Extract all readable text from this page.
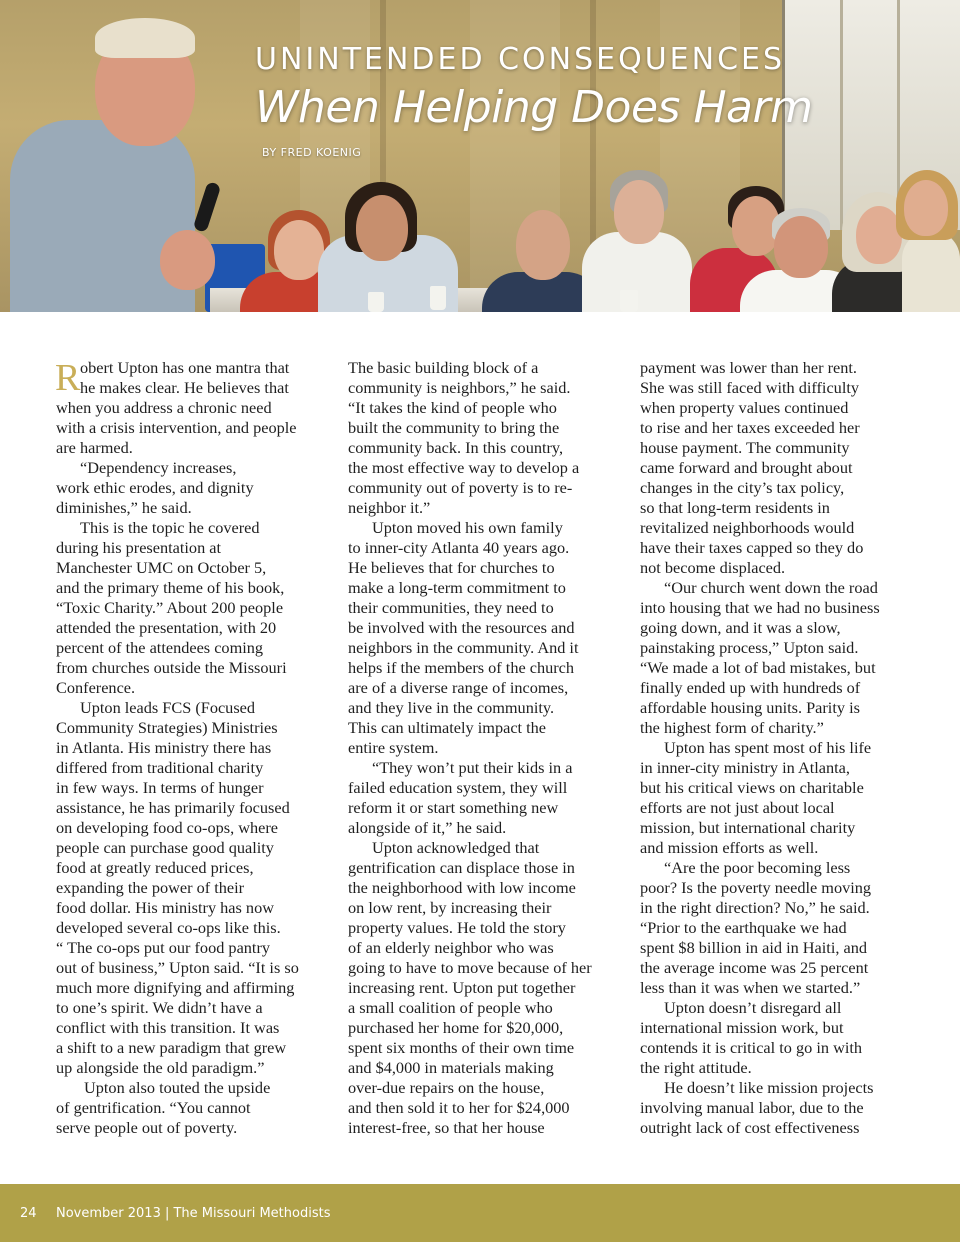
UNINTENDED CONSEQUENCES
When Helping Does Harm
BY FRED KOENIG
R obert Upton has one mantra that
he makes clear. He believes that
when you address a chronic need
with a crisis intervention, and people
are harmed.
“Dependency increases,
work ethic erodes, and dignity
diminishes,” he said.
This is the topic he covered
during his presentation at
Manchester UMC on October 5,
and the primary theme of his book,
“Toxic Charity.” About 200 people
attended the presentation, with 20
percent of the attendees coming
from churches outside the Missouri
Conference.
Upton leads FCS (Focused
Community Strategies) Ministries
in Atlanta. His ministry there has
differed from traditional charity
in few ways. In terms of hunger
assistance, he has primarily focused
on developing food co-ops, where
people can purchase good quality
food at greatly reduced prices,
expanding the power of their
food dollar. His ministry has now
developed several co-ops like this.
“ The co-ops put our food pantry
out of business,” Upton said. “It is so
much more dignifying and affirming
to one’s spirit. We didn’t have a
conflict with this transition. It was
a shift to a new paradigm that grew
up alongside the old paradigm.”
Upton also touted the upside
of gentrification. “You cannot
serve people out of poverty.
The basic building block of a
community is neighbors,” he said.
“It takes the kind of people who
built the community to bring the
community back. In this country,
the most effective way to develop a
community out of poverty is to re-
neighbor it.”
Upton moved his own family
to inner-city Atlanta 40 years ago.
He believes that for churches to
make a long-term commitment to
their communities, they need to
be involved with the resources and
neighbors in the community. And it
helps if the members of the church
are of a diverse range of incomes,
and they live in the community.
This can ultimately impact the
entire system.
“They won’t put their kids in a
failed education system, they will
reform it or start something new
alongside of it,” he said.
Upton acknowledged that
gentrification can displace those in
the neighborhood with low income
on low rent, by increasing their
property values. He told the story
of an elderly neighbor who was
going to have to move because of her
increasing rent. Upton put together
a small coalition of people who
purchased her home for $20,000,
spent six months of their own time
and $4,000 in materials making
over-due repairs on the house,
and then sold it to her for $24,000
interest-free, so that her house
payment was lower than her rent.
She was still faced with difficulty
when property values continued
to rise and her taxes exceeded her
house payment. The community
came forward and brought about
changes in the city’s tax policy,
so that long-term residents in
revitalized neighborhoods would
have their taxes capped so they do
not become displaced.
“Our church went down the road
into housing that we had no business
going down, and it was a slow,
painstaking process,” Upton said.
“We made a lot of bad mistakes, but
finally ended up with hundreds of
affordable housing units. Parity is
the highest form of charity.”
Upton has spent most of his life
in inner-city ministry in Atlanta,
but his critical views on charitable
efforts are not just about local
mission, but international charity
and mission efforts as well.
“Are the poor becoming less
poor? Is the poverty needle moving
in the right direction? No,” he said.
“Prior to the earthquake we had
spent $8 billion in aid in Haiti, and
the average income was 25 percent
less than it was when we started.”
Upton doesn’t disregard all
international mission work, but
contends it is critical to go in with
the right attitude.
He doesn’t like mission projects
involving manual labor, due to the
outright lack of cost effectiveness
24 November 2013 | The Missouri Methodists
